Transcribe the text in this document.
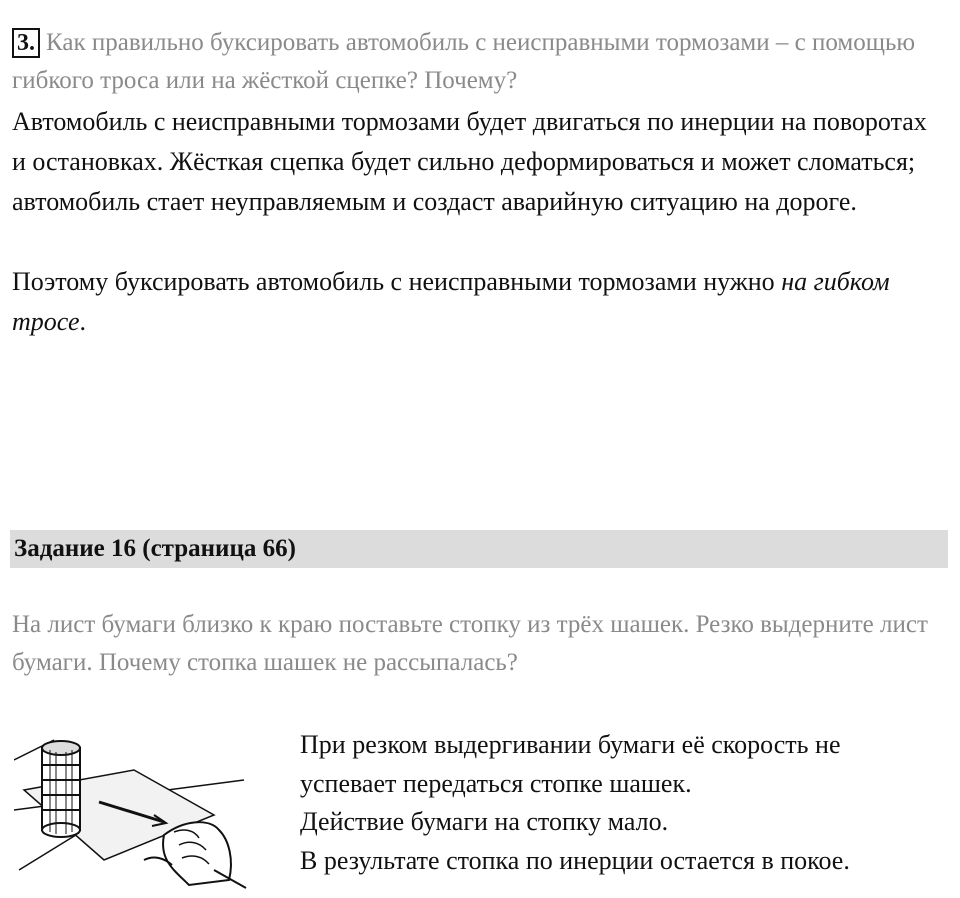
3. Как правильно буксировать автомобиль с неисправными тормозами – с помощью гибкого троса или на жёсткой сцепке? Почему?
Автомобиль с неисправными тормозами будет двигаться по инерции на поворотах и остановках. Жёсткая сцепка будет сильно деформироваться и может сломаться; автомобиль стает неуправляемым и создаст аварийную ситуацию на дороге.
Поэтому буксировать автомобиль с неисправными тормозами нужно на гибком тросе.
Задание 16 (страница 66)
На лист бумаги близко к краю поставьте стопку из трёх шашек. Резко выдерните лист бумаги. Почему стопка шашек не рассыпалась?
При резком выдергивании бумаги её скорость не
успевает передаться стопке шашек.
Действие бумаги на стопку мало.
В результате стопка по инерции остается в покое.
